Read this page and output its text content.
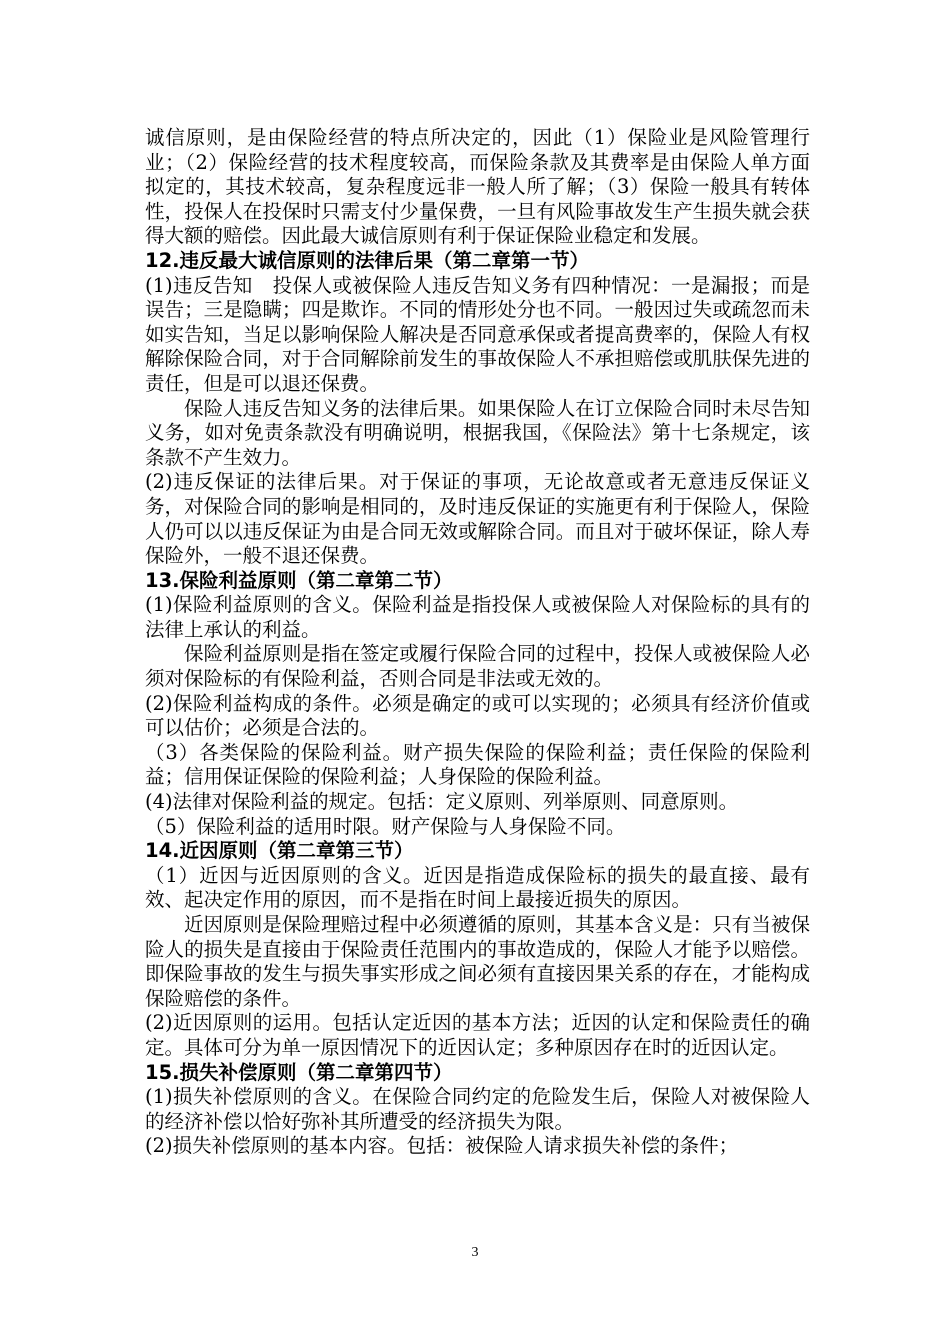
诚信原则，是由保险经营的特点所决定的，因此（1）保险业是风险管理行业；（2）保险经营的技术程度较高，而保险条款及其费率是由保险人单方面拟定的，其技术较高，复杂程度远非一般人所了解；（3）保险一般具有转体性，投保人在投保时只需支付少量保费，一旦有风险事故发生产生损失就会获得大额的赔偿。因此最大诚信原则有利于保证保险业稳定和发展。

12.违反最大诚信原则的法律后果（第二章第一节）

(1)违反告知　投保人或被保险人违反告知义务有四种情况：一是漏报；而是误告；三是隐瞒；四是欺诈。不同的情形处分也不同。一般因过失或疏忽而未如实告知，当足以影响保险人解决是否同意承保或者提高费率的，保险人有权解除保险合同，对于合同解除前发生的事故保险人不承担赔偿或肌肤保先进的责任，但是可以退还保费。

保险人违反告知义务的法律后果。如果保险人在订立保险合同时未尽告知义务，如对免责条款没有明确说明，根据我国，《保险法》第十七条规定，该条款不产生效力。

(2)违反保证的法律后果。对于保证的事项，无论故意或者无意违反保证义务，对保险合同的影响是相同的，及时违反保证的实施更有利于保险人，保险人仍可以以违反保证为由是合同无效或解除合同。而且对于破坏保证，除人寿保险外，一般不退还保费。

13.保险利益原则（第二章第二节）

(1)保险利益原则的含义。保险利益是指投保人或被保险人对保险标的具有的法律上承认的利益。

保险利益原则是指在签定或履行保险合同的过程中，投保人或被保险人必须对保险标的有保险利益，否则合同是非法或无效的。

(2)保险利益构成的条件。必须是确定的或可以实现的；必须具有经济价值或可以估价；必须是合法的。

（3）各类保险的保险利益。财产损失保险的保险利益；责任保险的保险利益；信用保证保险的保险利益；人身保险的保险利益。

(4)法律对保险利益的规定。包括：定义原则、列举原则、同意原则。

（5）保险利益的适用时限。财产保险与人身保险不同。

14.近因原则（第二章第三节）

（1）近因与近因原则的含义。近因是指造成保险标的损失的最直接、最有效、起决定作用的原因，而不是指在时间上最接近损失的原因。

近因原则是保险理赔过程中必须遵循的原则，其基本含义是：只有当被保险人的损失是直接由于保险责任范围内的事故造成的，保险人才能予以赔偿。即保险事故的发生与损失事实形成之间必须有直接因果关系的存在，才能构成保险赔偿的条件。

(2)近因原则的运用。包括认定近因的基本方法；近因的认定和保险责任的确定。具体可分为单一原因情况下的近因认定；多种原因存在时的近因认定。

15.损失补偿原则（第二章第四节）

(1)损失补偿原则的含义。在保险合同约定的危险发生后，保险人对被保险人的经济补偿以恰好弥补其所遭受的经济损失为限。

(2)损失补偿原则的基本内容。包括：被保险人请求损失补偿的条件；

3
